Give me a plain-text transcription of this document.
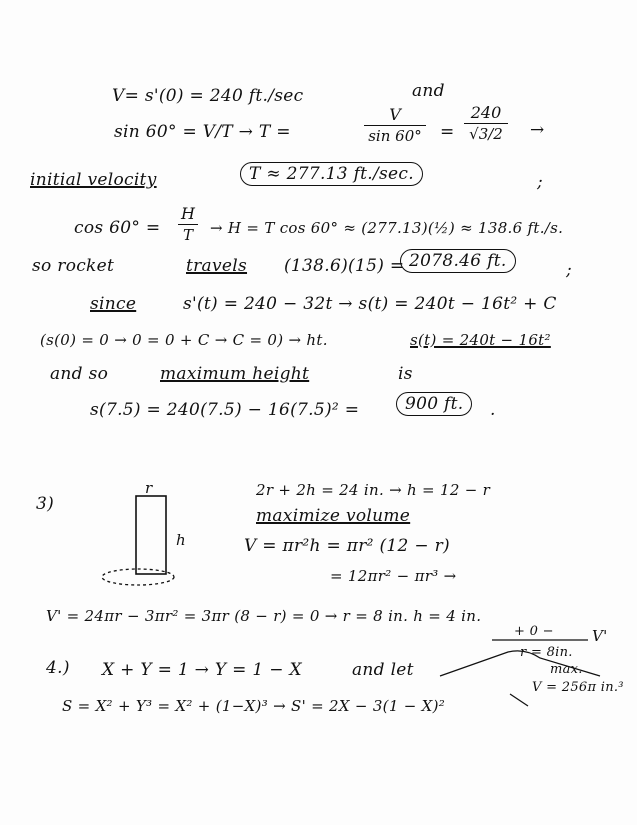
V= s'(0) = 240 ft./sec	and
sin 60° = V/T → T =
V
sin 60° =
240
√3/2	→
initial velocity	T ≈ 277.13 ft./sec.	;
cos 60° =
H
T	→ H = T cos 60° ≈ (277.13)(½) ≈ 138.6 ft./s.
so rocket	travels (138.6)(15) = 2078.46 ft.	;
since	s'(t) = 240 − 32t → s(t) = 240t − 16t² + C
(s(0) = 0 → 0 = 0 + C → C = 0) → ht.	s(t) = 240t − 16t²
and so	maximum height	is
s(7.5) = 240(7.5) − 16(7.5)² =	900 ft.	.
3)
r
h
2r + 2h = 24 in. → h = 12 − r
maximize volume
V = πr²h = πr² (12 − r)
= 12πr² − πr³ →
V' = 24πr − 3πr² = 3πr (8 − r) = 0 → r = 8 in. h = 4 in.
+ 0 −	V'
r = 8in.
max.
V = 256π in.³
4.) X + Y = 1 → Y = 1 − X	and let
S = X² + Y³ = X² + (1−X)³ → S' = 2X − 3(1 − X)²
